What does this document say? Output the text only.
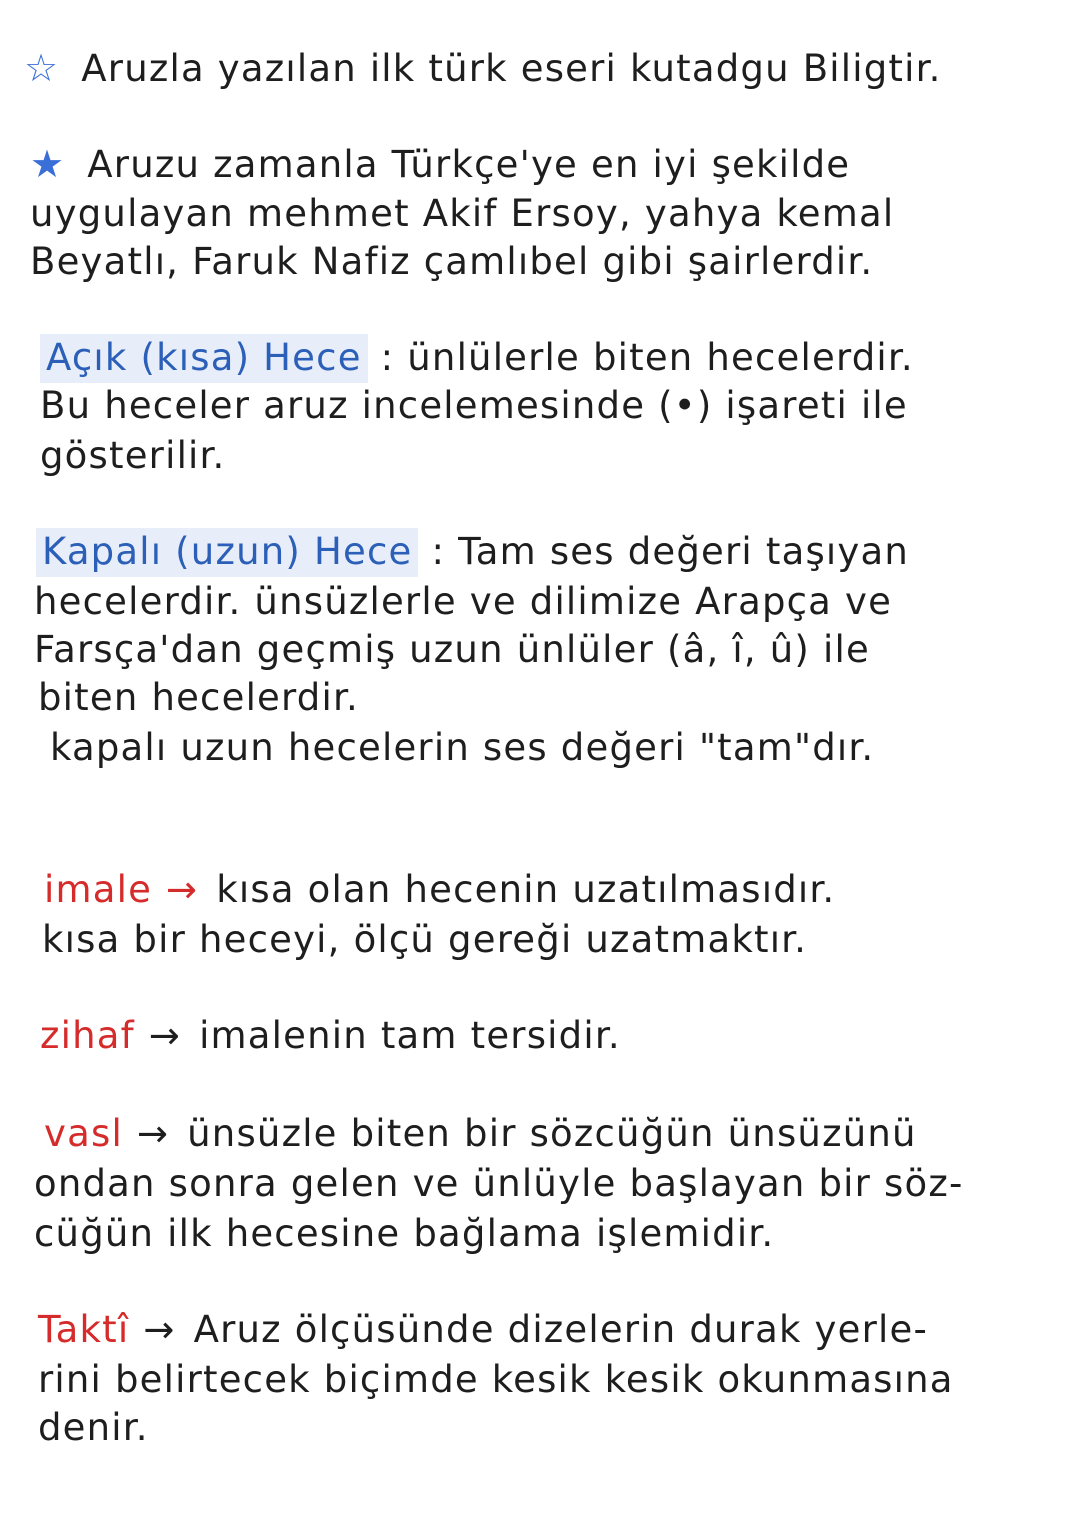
☆ Aruzla yazılan ilk türk eseri kutadgu Biligtir.
★ Aruzu zamanla Türkçe'ye en iyi şekilde
uygulayan mehmet Akif Ersoy, yahya kemal
Beyatlı, Faruk Nafiz çamlıbel gibi şairlerdir.
Açık (kısa) Hece : ünlülerle biten hecelerdir.
Bu heceler aruz incelemesinde (•) işareti ile
gösterilir.
Kapalı (uzun) Hece : Tam ses değeri taşıyan
hecelerdir. ünsüzlerle ve dilimize Arapça ve
Farsça'dan geçmiş uzun ünlüler (â, î, û) ile
biten hecelerdir.
kapalı uzun hecelerin ses değeri "tam"dır.
imale → kısa olan hecenin uzatılmasıdır.
kısa bir heceyi, ölçü gereği uzatmaktır.
zihaf → imalenin tam tersidir.
vasl → ünsüzle biten bir sözcüğün ünsüzünü
ondan sonra gelen ve ünlüyle başlayan bir söz-
cüğün ilk hecesine bağlama işlemidir.
Taktî → Aruz ölçüsünde dizelerin durak yerle-
rini belirtecek biçimde kesik kesik okunmasına
denir.
